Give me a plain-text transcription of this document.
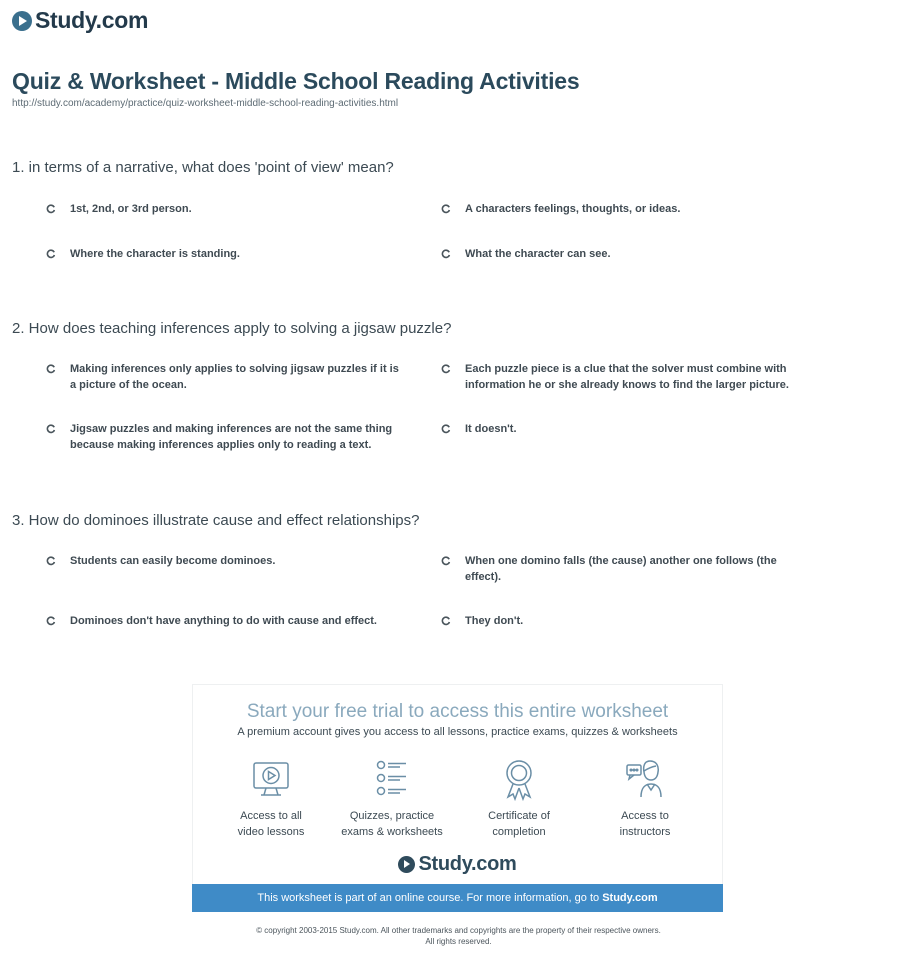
Study.com
Quiz & Worksheet - Middle School Reading Activities
http://study.com/academy/practice/quiz-worksheet-middle-school-reading-activities.html
1. in terms of a narrative, what does 'point of view' mean?
1st, 2nd, or 3rd person.	A characters feelings, thoughts, or ideas.
Where the character is standing.	What the character can see.
2. How does teaching inferences apply to solving a jigsaw puzzle?
Making inferences only applies to solving jigsaw puzzles if it is
a picture of the ocean.
Each puzzle piece is a clue that the solver must combine with
information he or she already knows to find the larger picture.
Jigsaw puzzles and making inferences are not the same thing
because making inferences applies only to reading a text.
It doesn't.
3. How do dominoes illustrate cause and effect relationships?
Students can easily become dominoes.	When one domino falls (the cause) another one follows (the
effect).
Dominoes don't have anything to do with cause and effect.	They don't.
Start your free trial to access this entire worksheet
A premium account gives you access to all lessons, practice exams, quizzes & worksheets
Access to all
video lessons
Quizzes, practice
exams & worksheets
Certificate of
completion
Access to
instructors
Study.com
This worksheet is part of an online course. For more information, go to Study.com
© copyright 2003-2015 Study.com. All other trademarks and copyrights are the property of their respective owners.
All rights reserved.
